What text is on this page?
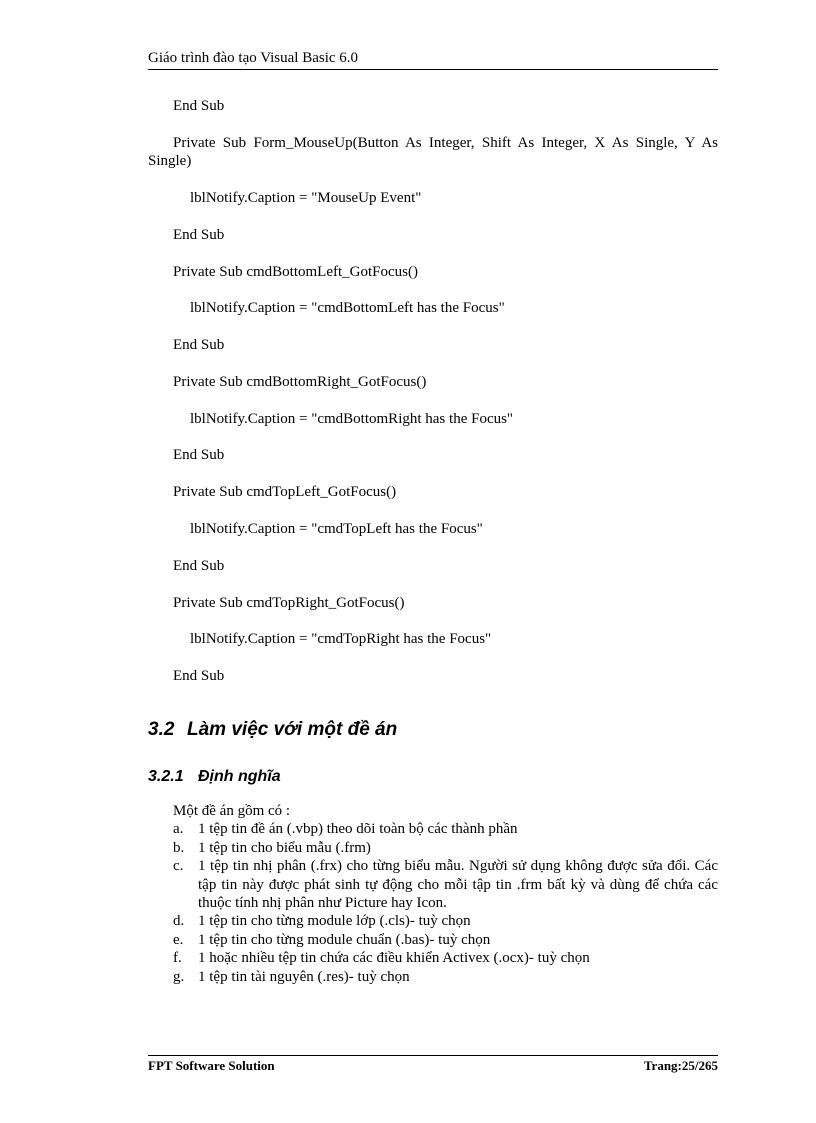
Giáo trình đào tạo Visual Basic 6.0
End Sub
Private Sub Form_MouseUp(Button As Integer, Shift As Integer, X As Single, Y As Single)
lblNotify.Caption = "MouseUp Event"
End Sub
Private Sub cmdBottomLeft_GotFocus()
lblNotify.Caption = "cmdBottomLeft has the Focus"
End Sub
Private Sub cmdBottomRight_GotFocus()
lblNotify.Caption = "cmdBottomRight has the Focus"
End Sub
Private Sub cmdTopLeft_GotFocus()
lblNotify.Caption = "cmdTopLeft has the Focus"
End Sub
Private Sub cmdTopRight_GotFocus()
lblNotify.Caption = "cmdTopRight has the Focus"
End Sub
3.2 Làm việc với một đề án
3.2.1 Định nghĩa
Một đề án gồm có :
a. 1 tệp tin đề án (.vbp) theo dõi toàn bộ các thành phần
b. 1 tệp tin cho biểu mẫu (.frm)
c. 1 tệp tin nhị phân (.frx) cho từng biểu mẫu. Người sử dụng không được sửa đổi. Các tập tin này được phát sinh tự động cho mỗi tập tin .frm bất kỳ và dùng để chứa các thuộc tính nhị phân như Picture hay Icon.
d. 1 tệp tin cho từng module lớp (.cls)- tuỳ chọn
e. 1 tệp tin cho từng module chuẩn (.bas)- tuỳ chọn
f. 1 hoặc nhiều tệp tin chứa các điều khiển Activex (.ocx)- tuỳ chọn
g. 1 tệp tin tài nguyên (.res)- tuỳ chọn
FPT Software Solution	Trang:25/265
